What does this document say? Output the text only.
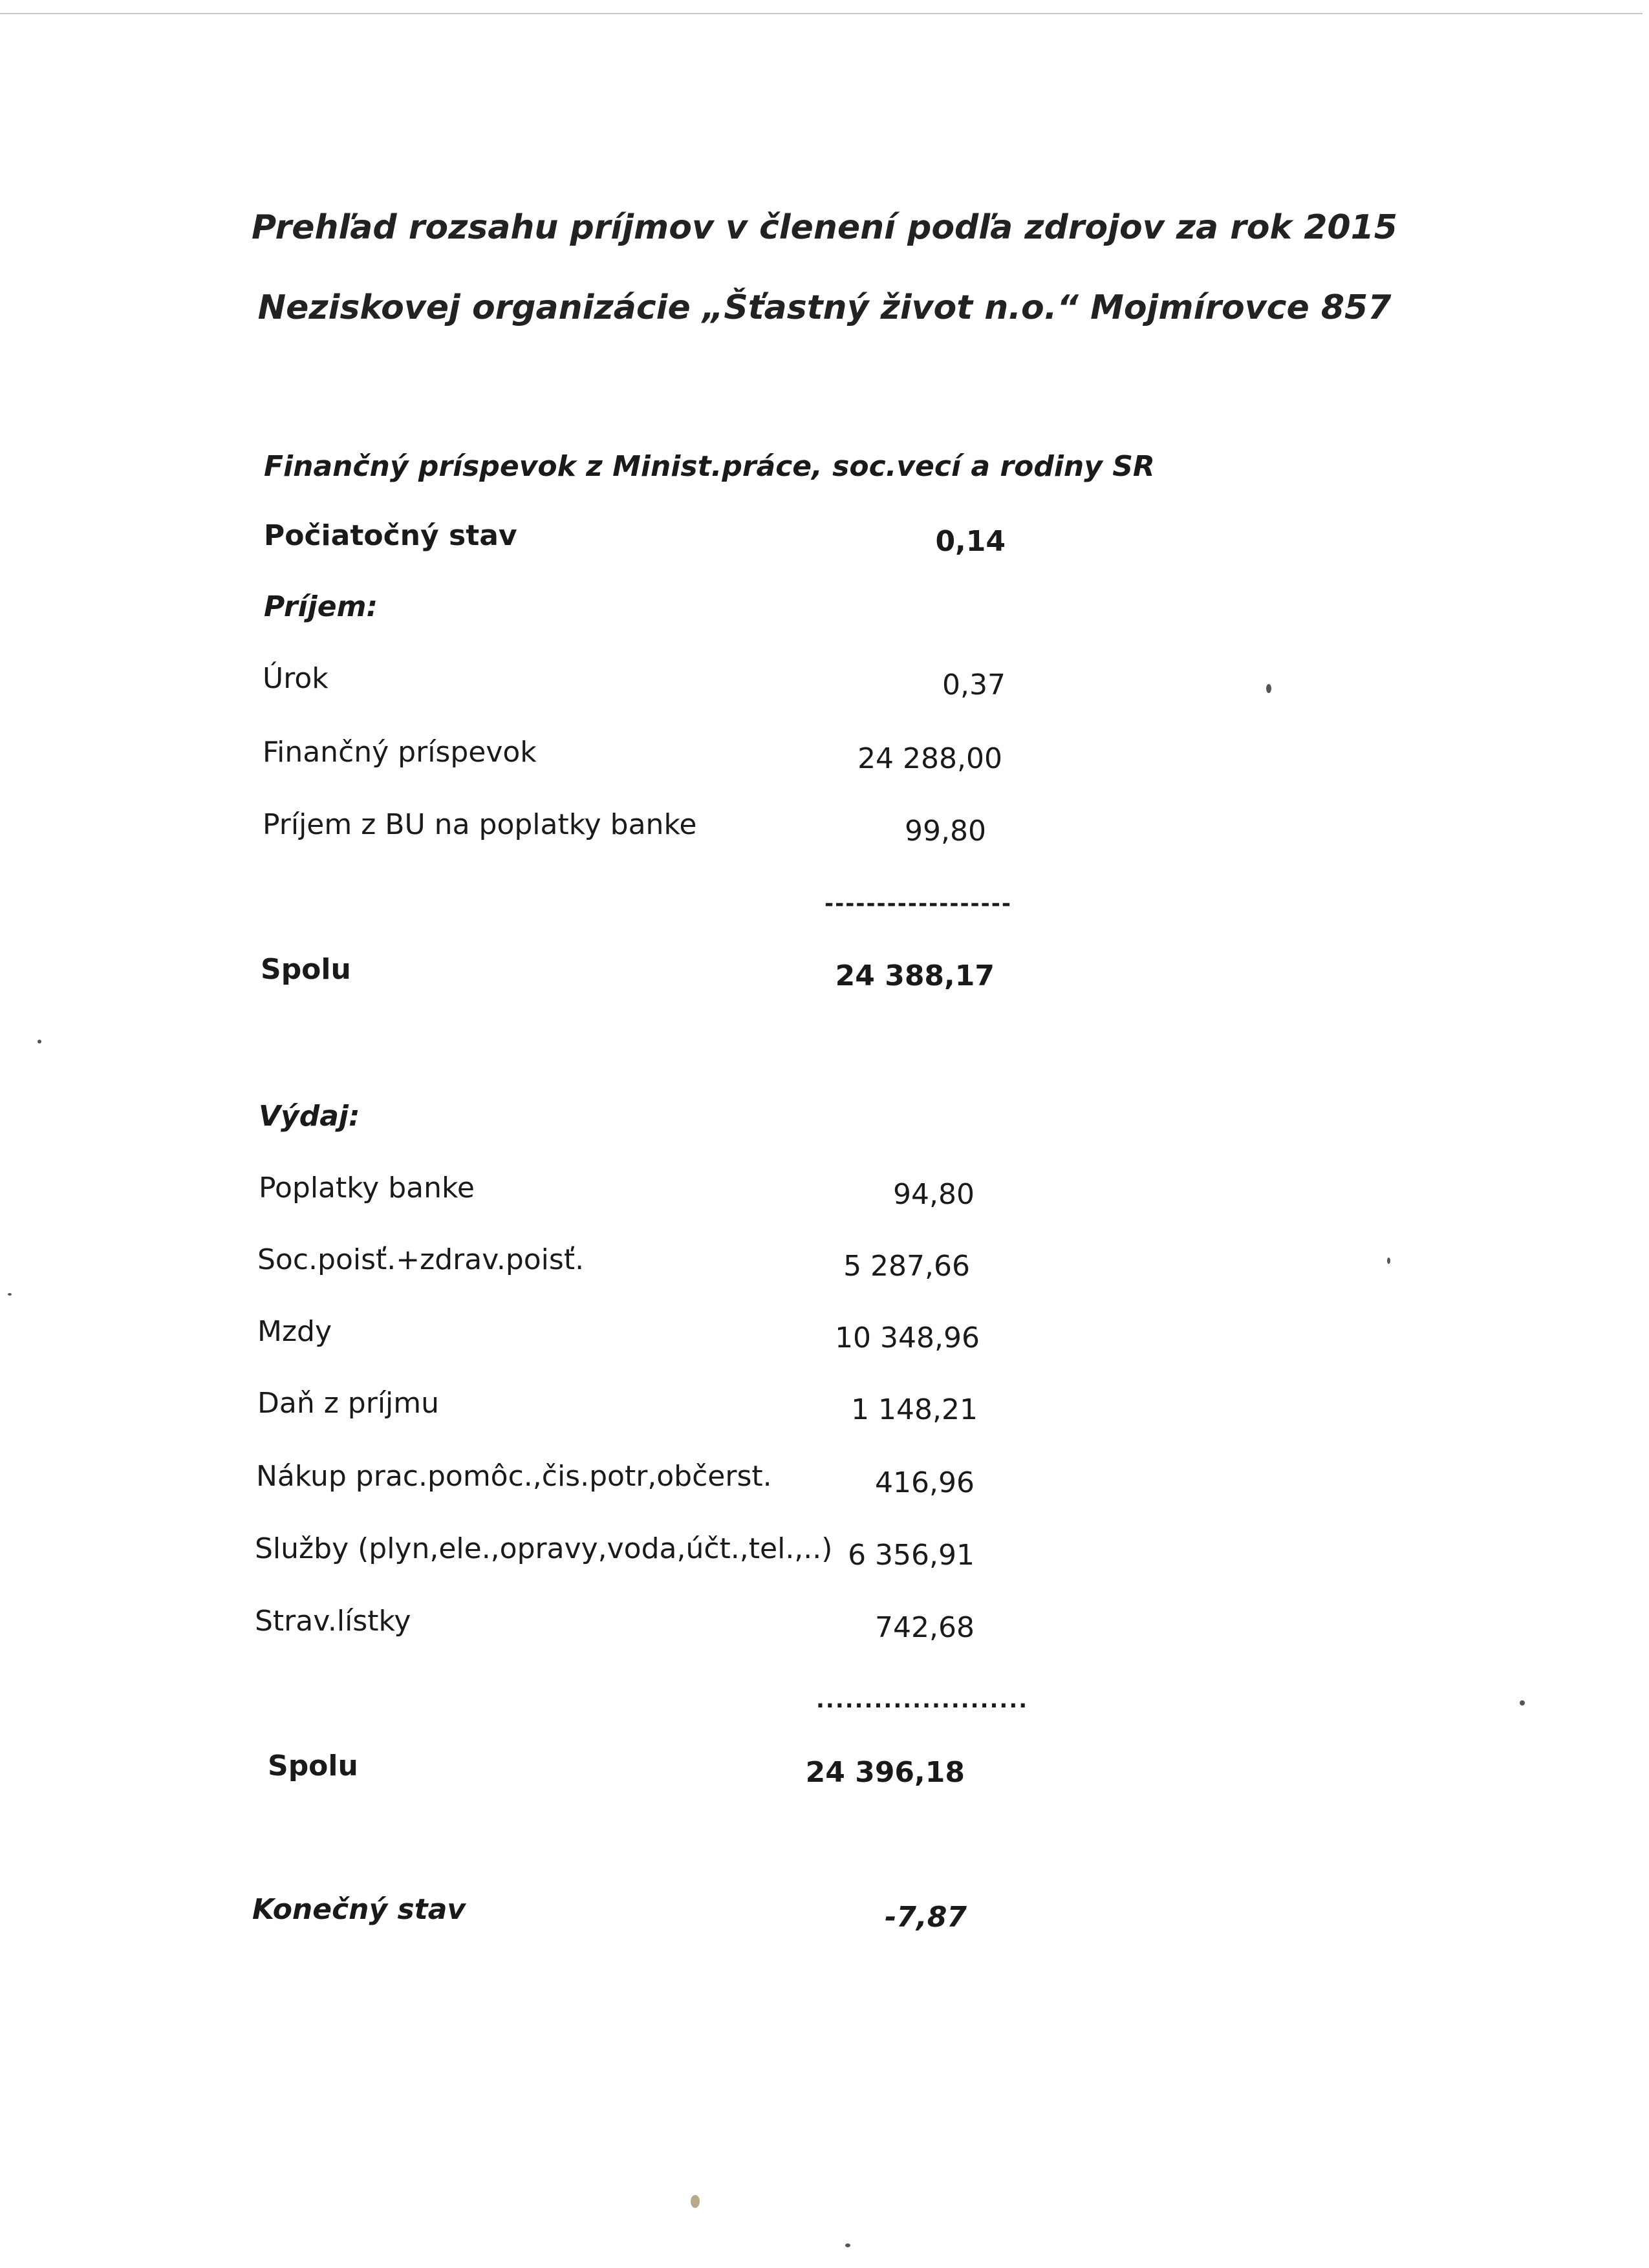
Prehľad rozsahu príjmov v členení podľa zdrojov za rok 2015
Neziskovej organizácie „Šťastný život n.o.“ Mojmírovce 857
Finančný príspevok z Minist.práce, soc.vecí a rodiny SR
Počiatočný stav	0,14
Príjem:
Úrok	0,37
Finančný príspevok	24 288,00
Príjem z BU na poplatky banke	99,80
------------------
Spolu	24 388,17
Výdaj:
Poplatky banke	94,80
Soc.poisť.+zdrav.poisť.	5 287,66
Mzdy	10 348,96
Daň z príjmu	1 148,21
Nákup prac.pomôc.,čis.potr,občerst.	416,96
Služby (plyn,ele.,opravy,voda,účt.,tel.,..) 6 356,91
Strav.lístky	742,68
......................
Spolu	24 396,18
Konečný stav	-7,87
